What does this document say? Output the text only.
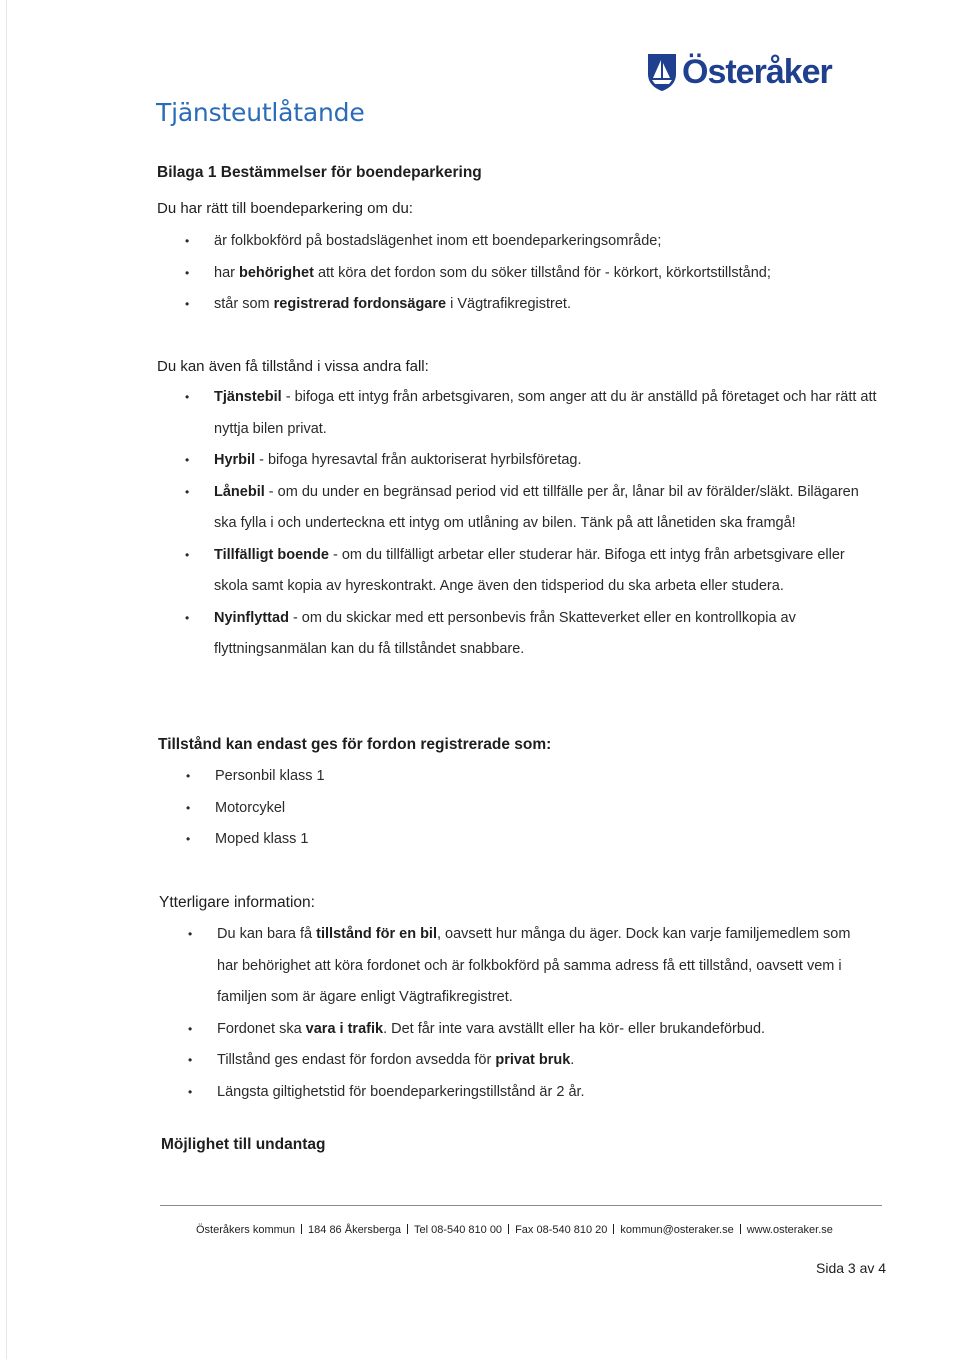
Österåker
Tjänsteutlåtande

Bilaga 1 Bestämmelser för boendeparkering

Du har rätt till boendeparkering om du:

• är folkbokförd på bostadslägenhet inom ett boendeparkeringsområde;
• har behörighet att köra det fordon som du söker tillstånd för - körkort, körkortstillstånd;
• står som registrerad fordonsägare i Vägtrafikregistret.

Du kan även få tillstånd i vissa andra fall:

• Tjänstebil - bifoga ett intyg från arbetsgivaren, som anger att du är anställd på företaget och har rätt att nyttja bilen privat.
• Hyrbil - bifoga hyresavtal från auktoriserat hyrbilsföretag.
• Lånebil - om du under en begränsad period vid ett tillfälle per år, lånar bil av förälder/släkt. Bilägaren ska fylla i och underteckna ett intyg om utlåning av bilen. Tänk på att lånetiden ska framgå!
• Tillfälligt boende - om du tillfälligt arbetar eller studerar här. Bifoga ett intyg från arbetsgivare eller skola samt kopia av hyreskontrakt. Ange även den tidsperiod du ska arbeta eller studera.
• Nyinflyttad - om du skickar med ett personbevis från Skatteverket eller en kontrollkopia av flyttningsanmälan kan du få tillståndet snabbare.

Tillstånd kan endast ges för fordon registrerade som:

• Personbil klass 1
• Motorcykel
• Moped klass 1

Ytterligare information:

• Du kan bara få tillstånd för en bil, oavsett hur många du äger. Dock kan varje familjemedlem som har behörighet att köra fordonet och är folkbokförd på samma adress få ett tillstånd, oavsett vem i familjen som är ägare enligt Vägtrafikregistret.
• Fordonet ska vara i trafik. Det får inte vara avställt eller ha kör- eller brukandeförbud.
• Tillstånd ges endast för fordon avsedda för privat bruk.
• Längsta giltighetstid för boendeparkeringstillstånd är 2 år.

Möjlighet till undantag

Österåkers kommun 184 86 Åkersberga Tel 08-540 810 00 Fax 08-540 810 20 kommun@osteraker.se www.osteraker.se
Sida 3 av 4
